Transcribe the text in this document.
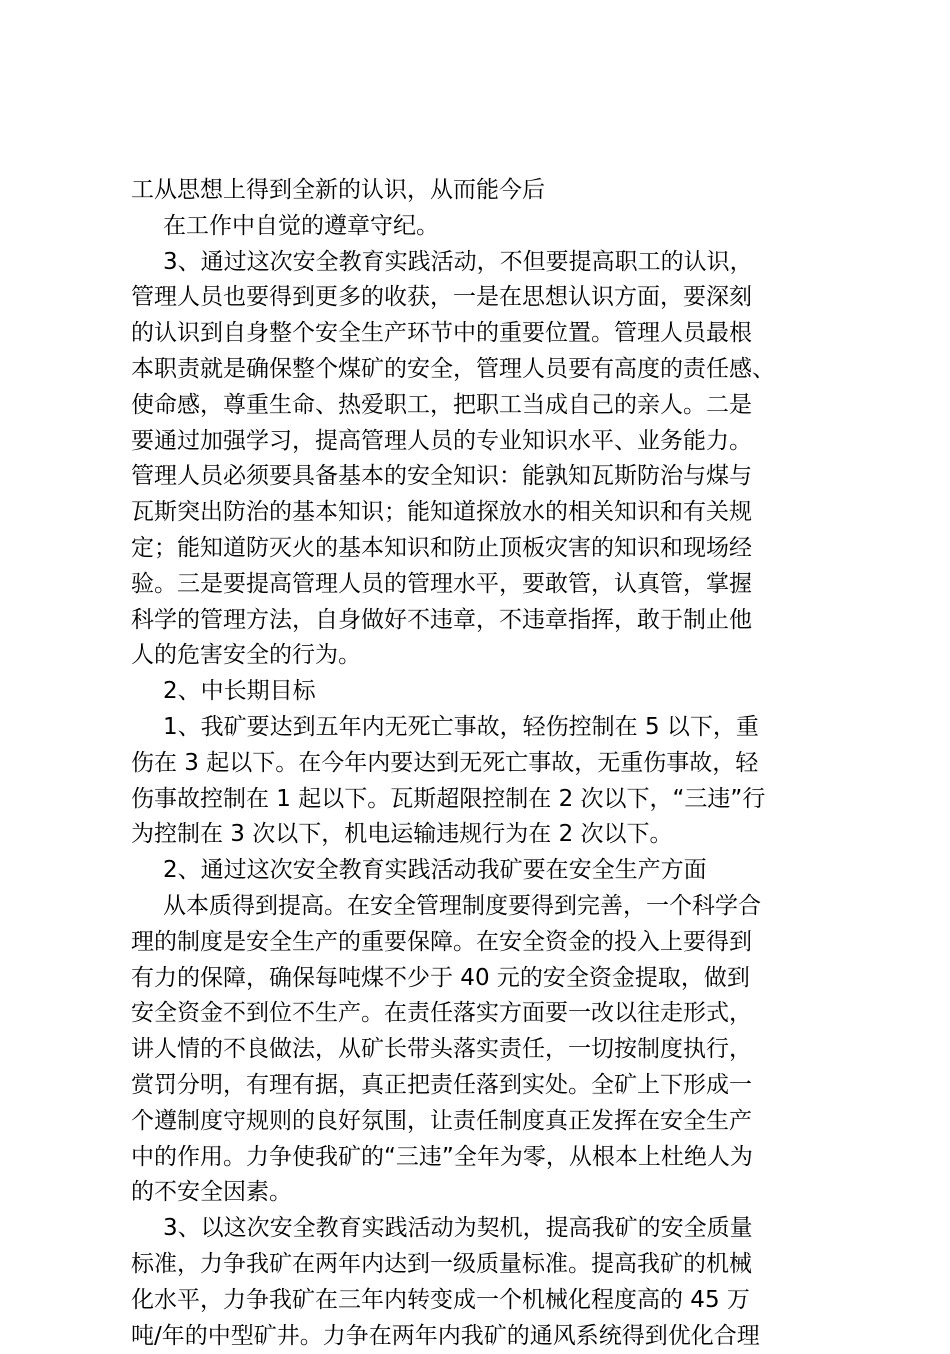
工从思想上得到全新的认识，从而能今后
在工作中自觉的遵章守纪。
3、通过这次安全教育实践活动，不但要提高职工的认识，
管理人员也要得到更多的收获，一是在思想认识方面，要深刻
的认识到自身整个安全生产环节中的重要位置。管理人员最根
本职责就是确保整个煤矿的安全，管理人员要有高度的责任感、
使命感，尊重生命、热爱职工，把职工当成自己的亲人。二是
要通过加强学习，提高管理人员的专业知识水平、业务能力。
管理人员必须要具备基本的安全知识：能孰知瓦斯防治与煤与
瓦斯突出防治的基本知识；能知道探放水的相关知识和有关规
定；能知道防灭火的基本知识和防止顶板灾害的知识和现场经
验。三是要提高管理人员的管理水平，要敢管，认真管，掌握
科学的管理方法，自身做好不违章，不违章指挥，敢于制止他
人的危害安全的行为。
2、中长期目标
1、我矿要达到五年内无死亡事故，轻伤控制在 5 以下，重
伤在 3 起以下。在今年内要达到无死亡事故，无重伤事故，轻
伤事故控制在 1 起以下。瓦斯超限控制在 2 次以下，“三违”行
为控制在 3 次以下，机电运输违规行为在 2 次以下。
2、通过这次安全教育实践活动我矿要在安全生产方面
从本质得到提高。在安全管理制度要得到完善，一个科学合
理的制度是安全生产的重要保障。在安全资金的投入上要得到
有力的保障，确保每吨煤不少于 40 元的安全资金提取，做到
安全资金不到位不生产。在责任落实方面要一改以往走形式，
讲人情的不良做法，从矿长带头落实责任，一切按制度执行，
赏罚分明，有理有据，真正把责任落到实处。全矿上下形成一
个遵制度守规则的良好氛围，让责任制度真正发挥在安全生产
中的作用。力争使我矿的“三违”全年为零，从根本上杜绝人为
的不安全因素。
3、以这次安全教育实践活动为契机，提高我矿的安全质量
标准，力争我矿在两年内达到一级质量标准。提高我矿的机械
化水平，力争我矿在三年内转变成一个机械化程度高的 45 万
吨/年的中型矿井。力争在两年内我矿的通风系统得到优化合理
